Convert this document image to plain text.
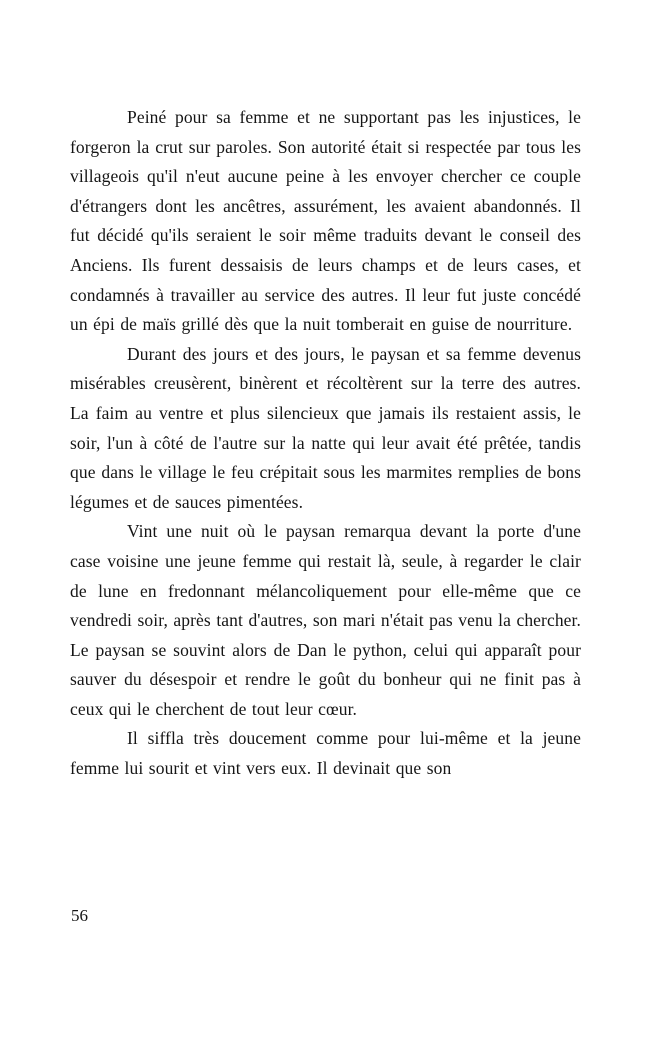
Peiné pour sa femme et ne supportant pas les injustices, le forgeron la crut sur paroles. Son autorité était si respectée par tous les villageois qu'il n'eut aucune peine à les envoyer chercher ce couple d'étrangers dont les ancêtres, assurément, les avaient abandonnés. Il fut décidé qu'ils seraient le soir même traduits devant le conseil des Anciens. Ils furent dessaisis de leurs champs et de leurs cases, et condamnés à travailler au service des autres. Il leur fut juste concédé un épi de maïs grillé dès que la nuit tomberait en guise de nourriture.

Durant des jours et des jours, le paysan et sa femme devenus misérables creusèrent, binèrent et récoltèrent sur la terre des autres. La faim au ventre et plus silencieux que jamais ils restaient assis, le soir, l'un à côté de l'autre sur la natte qui leur avait été prêtée, tandis que dans le village le feu crépitait sous les marmites remplies de bons légumes et de sauces pimentées.

Vint une nuit où le paysan remarqua devant la porte d'une case voisine une jeune femme qui restait là, seule, à regarder le clair de lune en fredonnant mélancoliquement pour elle-même que ce vendredi soir, après tant d'autres, son mari n'était pas venu la chercher. Le paysan se souvint alors de Dan le python, celui qui apparaît pour sauver du désespoir et rendre le goût du bonheur qui ne finit pas à ceux qui le cherchent de tout leur cœur.

Il siffla très doucement comme pour lui-même et la jeune femme lui sourit et vint vers eux. Il devinait que son

56
